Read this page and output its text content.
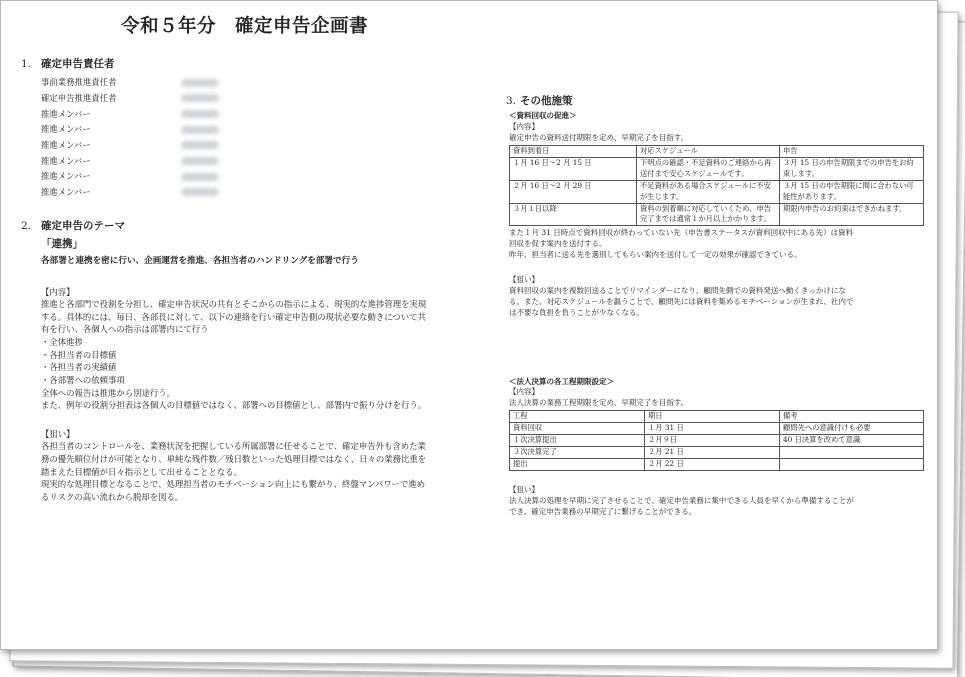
令和５年分　確定申告企画書
1. 確定申告責任者
事前業務推進責任者
確定申告推進責任者
推進メンバー
推進メンバー
推進メンバー
推進メンバー
推進メンバー
推進メンバー
2. 確定申告のテーマ
「連携」
各部署と連携を密に行い、企画運営を推進、各担当者のハンドリングを部署で行う

【内容】

推進と各部門で役割を分担し、確定申告状況の共有とそこからの指示による、現実的な進捗管理を実現

する。具体的には、毎日、各部長に対して、以下の連絡を行い確定申告側の現状必要な動きについて共

有を行い、各個人への指示は部署内にて行う

・全体進捗

・各担当者の目標値

・各担当者の実績値

・各部署への依頼事項

全体への報告は推進から別途行う。

また、例年の役割分担表は各個人の目標値ではなく、部署への目標値とし、部署内で振り分けを行う。

【狙い】

各担当者のコントロールを、業務状況を把握している所属部署に任せることで、確定申告外も含めた業

務の優先順位付けが可能となり、単純な残件数／残日数といった処理目標ではなく、日々の業務比重を

踏まえた目標値が日々指示として出せることとなる。

現実的な処理目標となることで、処理担当者のモチベーション向上にも繋がり、終盤マンパワーで進め

るリスクの高い流れから脱却を図る。

3. その他施策
＜資料回収の促進＞
【内容】
確定申告の資料送付期限を定め、早期完了を目指す。
資料到着日	対応スケジュール	申告
１月 16 日～2 月 15 日	下明点の確認・不足資料のご連絡から再送付まで安心スケジュールです。	３月 15 日の申告期限までの申告をお約束します。
２月 16 日～2 月 29 日	不足資料がある場合スケジュールに不安が生じます。	３月 15 日の申告期限に間に合わない可能性があります。
３月１日以降	資料の到着順に対応していくため、申告完了までは通常１か月以上かかります。	期限内申告のお約束はできかねます。

また１月 31 日時点で資料回収が終わっていない先（申告書ステータスが資料回収中にある先）は資料

回収を促す案内を送付する。

昨年、担当者に送る先を選別してもらい案内を送付して一定の効果が確認できている。

【狙い】

資料回収の案内を複数回送ることでリマインダーになり、顧問先側での資料発送へ動くきっかけにな

る。また、対応スケジュールを謳うことで、顧問先には資料を集めるモチベーションが生まれ、社内で

は不要な負担を負うことが少なくなる。

＜法人決算の各工程期限設定＞
【内容】
法人決算の業務工程期限を定め、早期完了を目指す。
工程	期日	備考
資料回収	１月 31 日	顧問先への意識付けも必要
１次決算提出	２月９日	40 日決算を改めて意識
３次決算完了	２月 21 日	
提出	２月 22 日	

【狙い】

法人決算の処理を早期に完了させることで、確定申告業務に集中できる人員を早くから準備することが

でき、確定申告業務の早期完了に繋げることができる。
